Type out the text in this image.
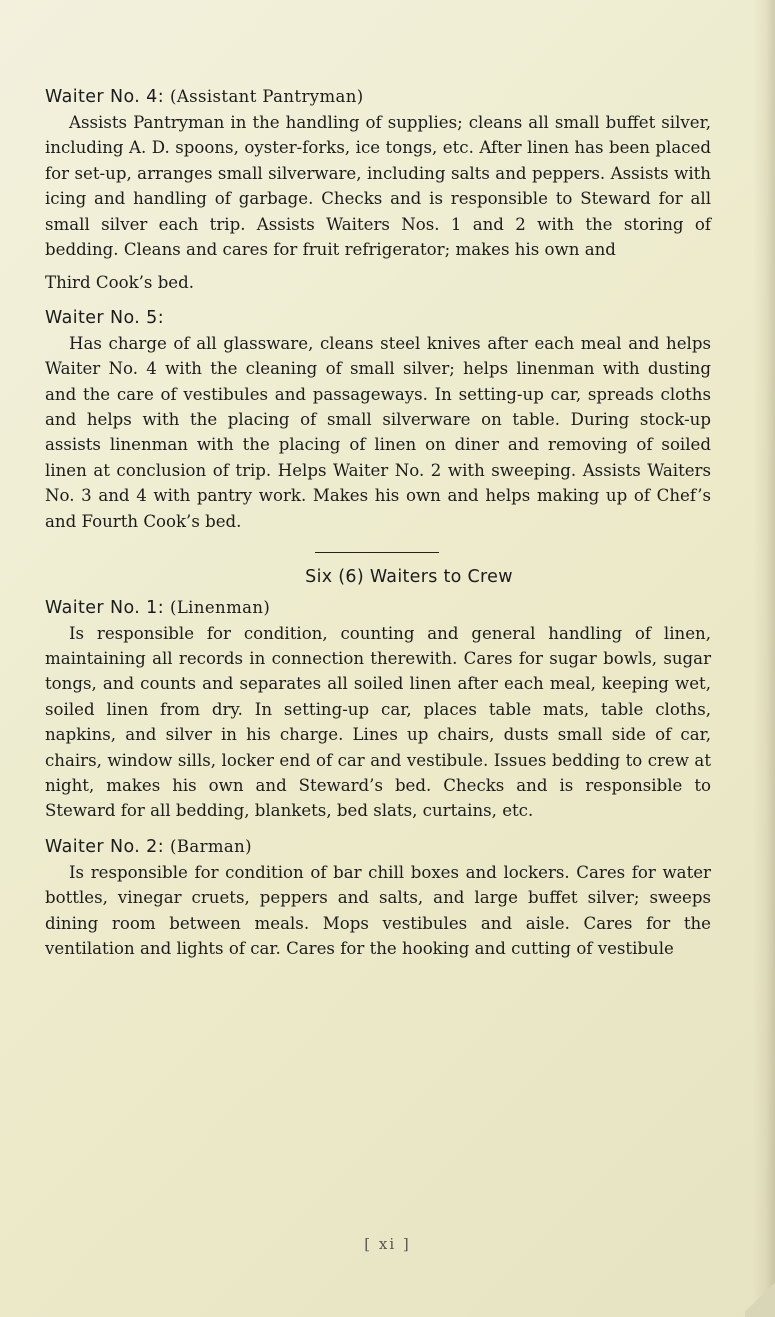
Waiter No. 4: (Assistant Pantryman)

Assists Pantryman in the handling of supplies; cleans all small buffet silver, including A. D. spoons, oyster-forks, ice tongs, etc. After linen has been placed for set-up, arranges small silverware, including salts and peppers. Assists with icing and handling of garbage. Checks and is responsible to Steward for all small silver each trip. Assists Waiters Nos. 1 and 2 with the storing of bedding. Cleans and cares for fruit refrigerator; makes his own and

Third Cook’s bed.

Waiter No. 5:

Has charge of all glassware, cleans steel knives after each meal and helps Waiter No. 4 with the cleaning of small silver; helps linenman with dusting and the care of vestibules and passageways. In setting-up car, spreads cloths and helps with the placing of small silverware on table. During stock-up assists linenman with the placing of linen on diner and removing of soiled linen at conclusion of trip. Helps Waiter No. 2 with sweeping. Assists Waiters No. 3 and 4 with pantry work. Makes his own and helps making up of Chef’s and Fourth Cook’s bed.

Six (6) Waiters to Crew

Waiter No. 1: (Linenman)

Is responsible for condition, counting and general handling of linen, maintaining all records in connection therewith. Cares for sugar bowls, sugar tongs, and counts and separates all soiled linen after each meal, keeping wet, soiled linen from dry. In setting-up car, places table mats, table cloths, napkins, and silver in his charge. Lines up chairs, dusts small side of car, chairs, window sills, locker end of car and vestibule. Issues bedding to crew at night, makes his own and Steward’s bed. Checks and is responsible to Steward for all bedding, blankets, bed slats, curtains, etc.

Waiter No. 2: (Barman)

Is responsible for condition of bar chill boxes and lockers. Cares for water bottles, vinegar cruets, peppers and salts, and large buffet silver; sweeps dining room between meals. Mops vestibules and aisle. Cares for the ventilation and lights of car. Cares for the hooking and cutting of vestibule

[ xi ]
